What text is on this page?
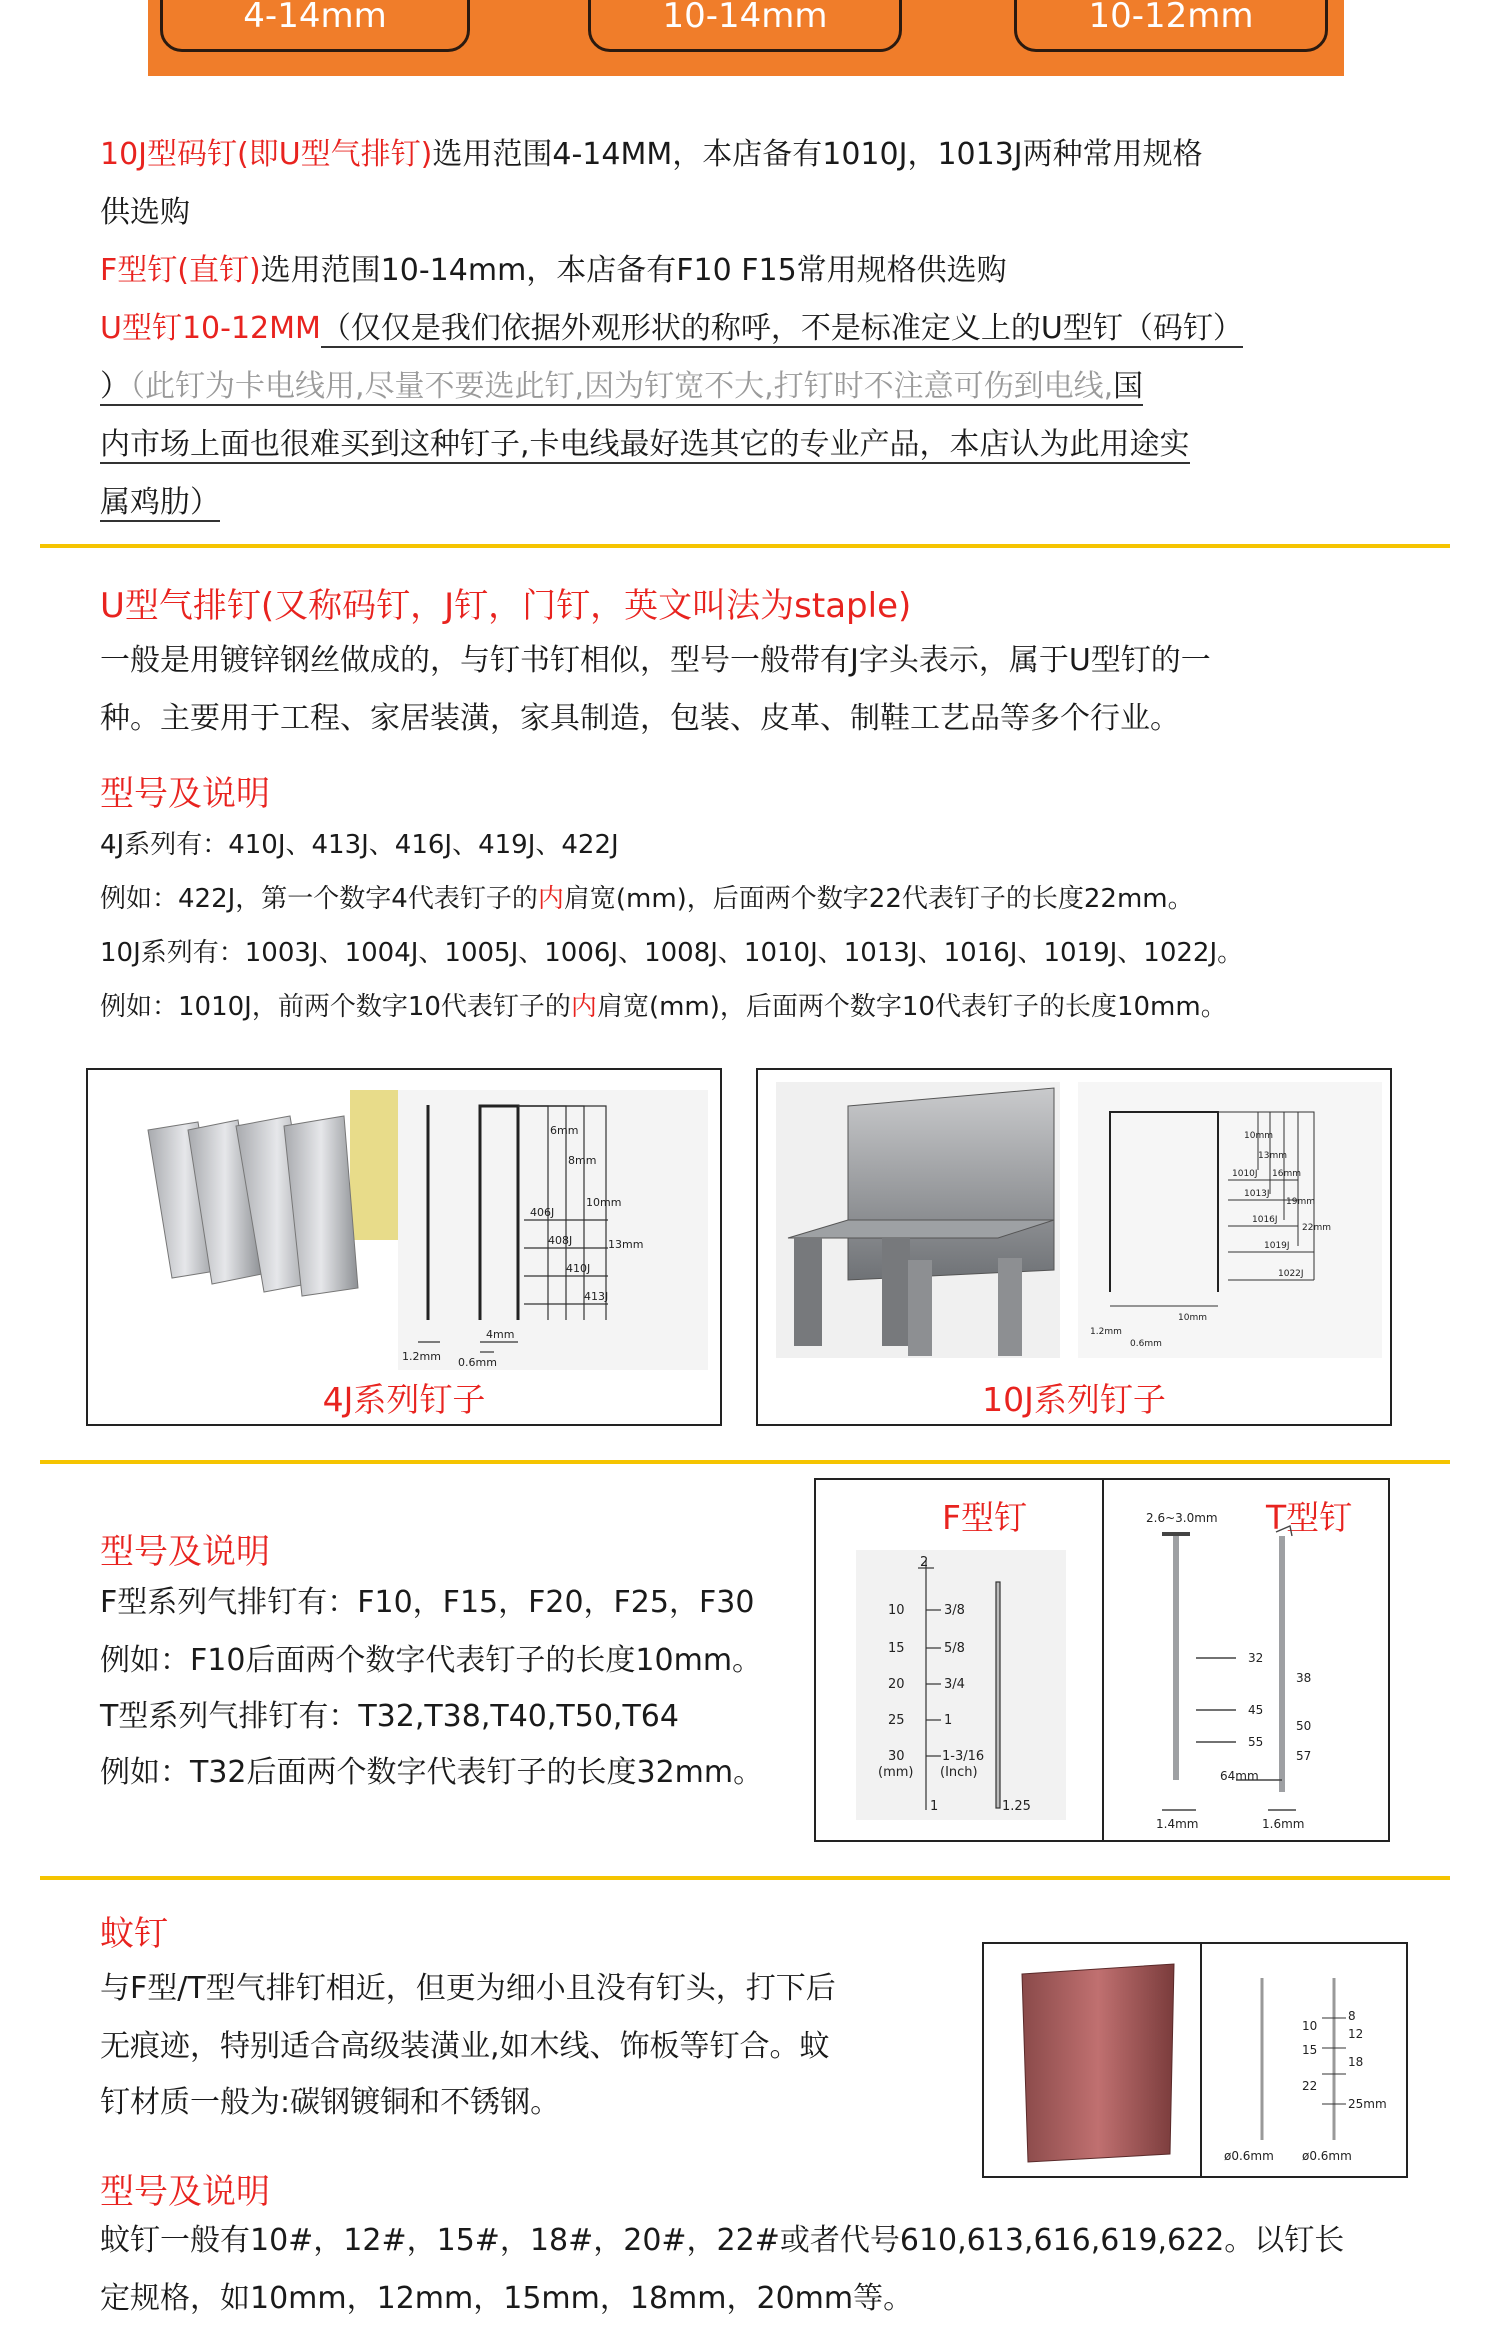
4-14mm	10-14mm	10-12mm
10J型码钉(即U型气排钉)选用范围4-14MM，本店备有1010J，1013J两种常用规格
供选购
F型钉(直钉)选用范围10-14mm，本店备有F10 F15常用规格供选购
U型钉10-12MM（仅仅是我们依据外观形状的称呼，不是标准定义上的U型钉（码钉）
）（此钉为卡电线用,尽量不要选此钉,因为钉宽不大,打钉时不注意可伤到电线,国
内市场上面也很难买到这种钉子,卡电线最好选其它的专业产品，本店认为此用途实
属鸡肋）
U型气排钉(又称码钉，J钉，门钉，英文叫法为staple)
一般是用镀锌钢丝做成的，与钉书钉相似，型号一般带有J字头表示，属于U型钉的一
种。主要用于工程、家居装潢，家具制造，包装、皮革、制鞋工艺品等多个行业。
型号及说明
4J系列有：410J、413J、416J、419J、422J
例如：422J，第一个数字4代表钉子的内肩宽(mm)，后面两个数字22代表钉子的长度22mm。
10J系列有：1003J、1004J、1005J、1006J、1008J、1010J、1013J、1016J、1019J、1022J。
例如：1010J，前两个数字10代表钉子的内肩宽(mm)，后面两个数字10代表钉子的长度10mm。
6mm
8mm
10mm
13mm
406J
408J
410J
413J
1.2mm
4mm
0.6mm
4J系列钉子
10mm
13mm
16mm
19mm
22mm
1010J
1013J
1016J
1019J
1022J
1.2mm
10mm
0.6mm
10J系列钉子
型号及说明
F型系列气排钉有：F10，F15，F20，F25，F30
例如：F10后面两个数字代表钉子的长度10mm。
T型系列气排钉有：T32,T38,T40,T50,T64
例如：T32后面两个数字代表钉子的长度32mm。
F型钉	T型钉
2
10	3/8
15	5/8
20	3/4
25	1
30	1-3/16
(mm) (Inch)
1	1.25
2.6~3.0mm
32
38
45
50
55
57
64mm
1.4mm	1.6mm
蚊钉
与F型/T型气排钉相近，但更为细小且没有钉头，打下后
无痕迹，特别适合高级装潢业,如木线、饰板等钉合。蚊
钉材质一般为:碳钢镀铜和不锈钢。
型号及说明
蚊钉一般有10#，12#，15#，18#，20#，22#或者代号610,613,616,619,622。以钉长
定规格，如10mm，12mm，15mm，18mm，20mm等。
8
10
12
15
18
22
25mm
ø0.6mm ø0.6mm
